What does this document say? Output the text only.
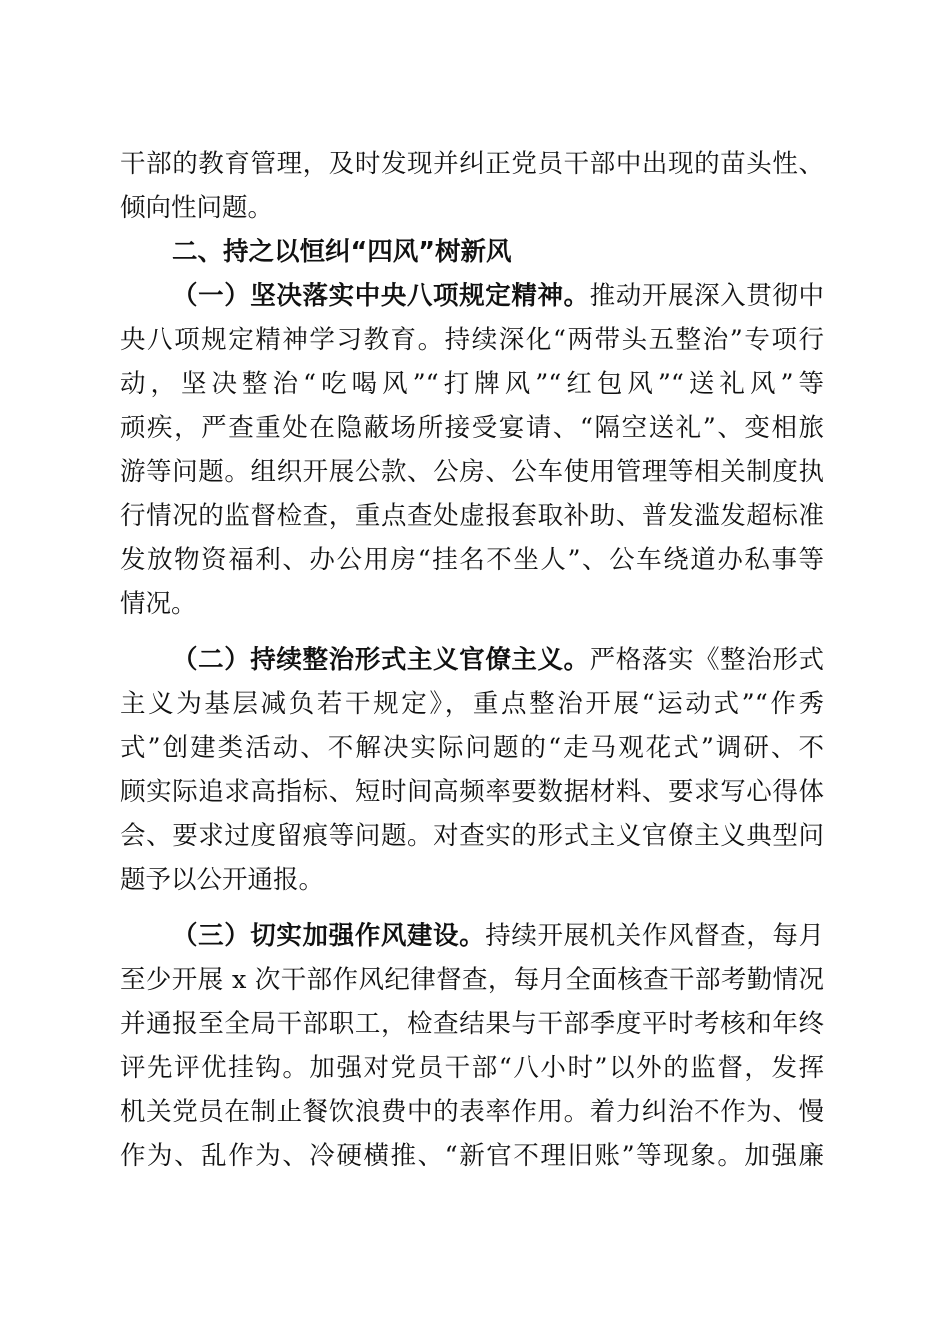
干部的教育管理，及时发现并纠正党员干部中出现的苗头性、
倾向性问题。
二、持之以恒纠“四风”树新风
（一）坚决落实中央八项规定精神。推动开展深入贯彻中
央八项规定精神学习教育。持续深化“两带头五整治”专项行
动，坚决整治“吃喝风”“打牌风”“红包风”“送礼风”等
顽疾，严查重处在隐蔽场所接受宴请、“隔空送礼”、变相旅
游等问题。组织开展公款、公房、公车使用管理等相关制度执
行情况的监督检查，重点查处虚报套取补助、普发滥发超标准
发放物资福利、办公用房“挂名不坐人”、公车绕道办私事等
情况。
（二）持续整治形式主义官僚主义。严格落实《整治形式
主义为基层减负若干规定》，重点整治开展“运动式”“作秀
式”创建类活动、不解决实际问题的“走马观花式”调研、不
顾实际追求高指标、短时间高频率要数据材料、要求写心得体
会、要求过度留痕等问题。对查实的形式主义官僚主义典型问
题予以公开通报。
（三）切实加强作风建设。持续开展机关作风督查，每月
至少开展 x 次干部作风纪律督查，每月全面核查干部考勤情况
并通报至全局干部职工，检查结果与干部季度平时考核和年终
评先评优挂钩。加强对党员干部“八小时”以外的监督，发挥
机关党员在制止餐饮浪费中的表率作用。着力纠治不作为、慢
作为、乱作为、冷硬横推、“新官不理旧账”等现象。加强廉
